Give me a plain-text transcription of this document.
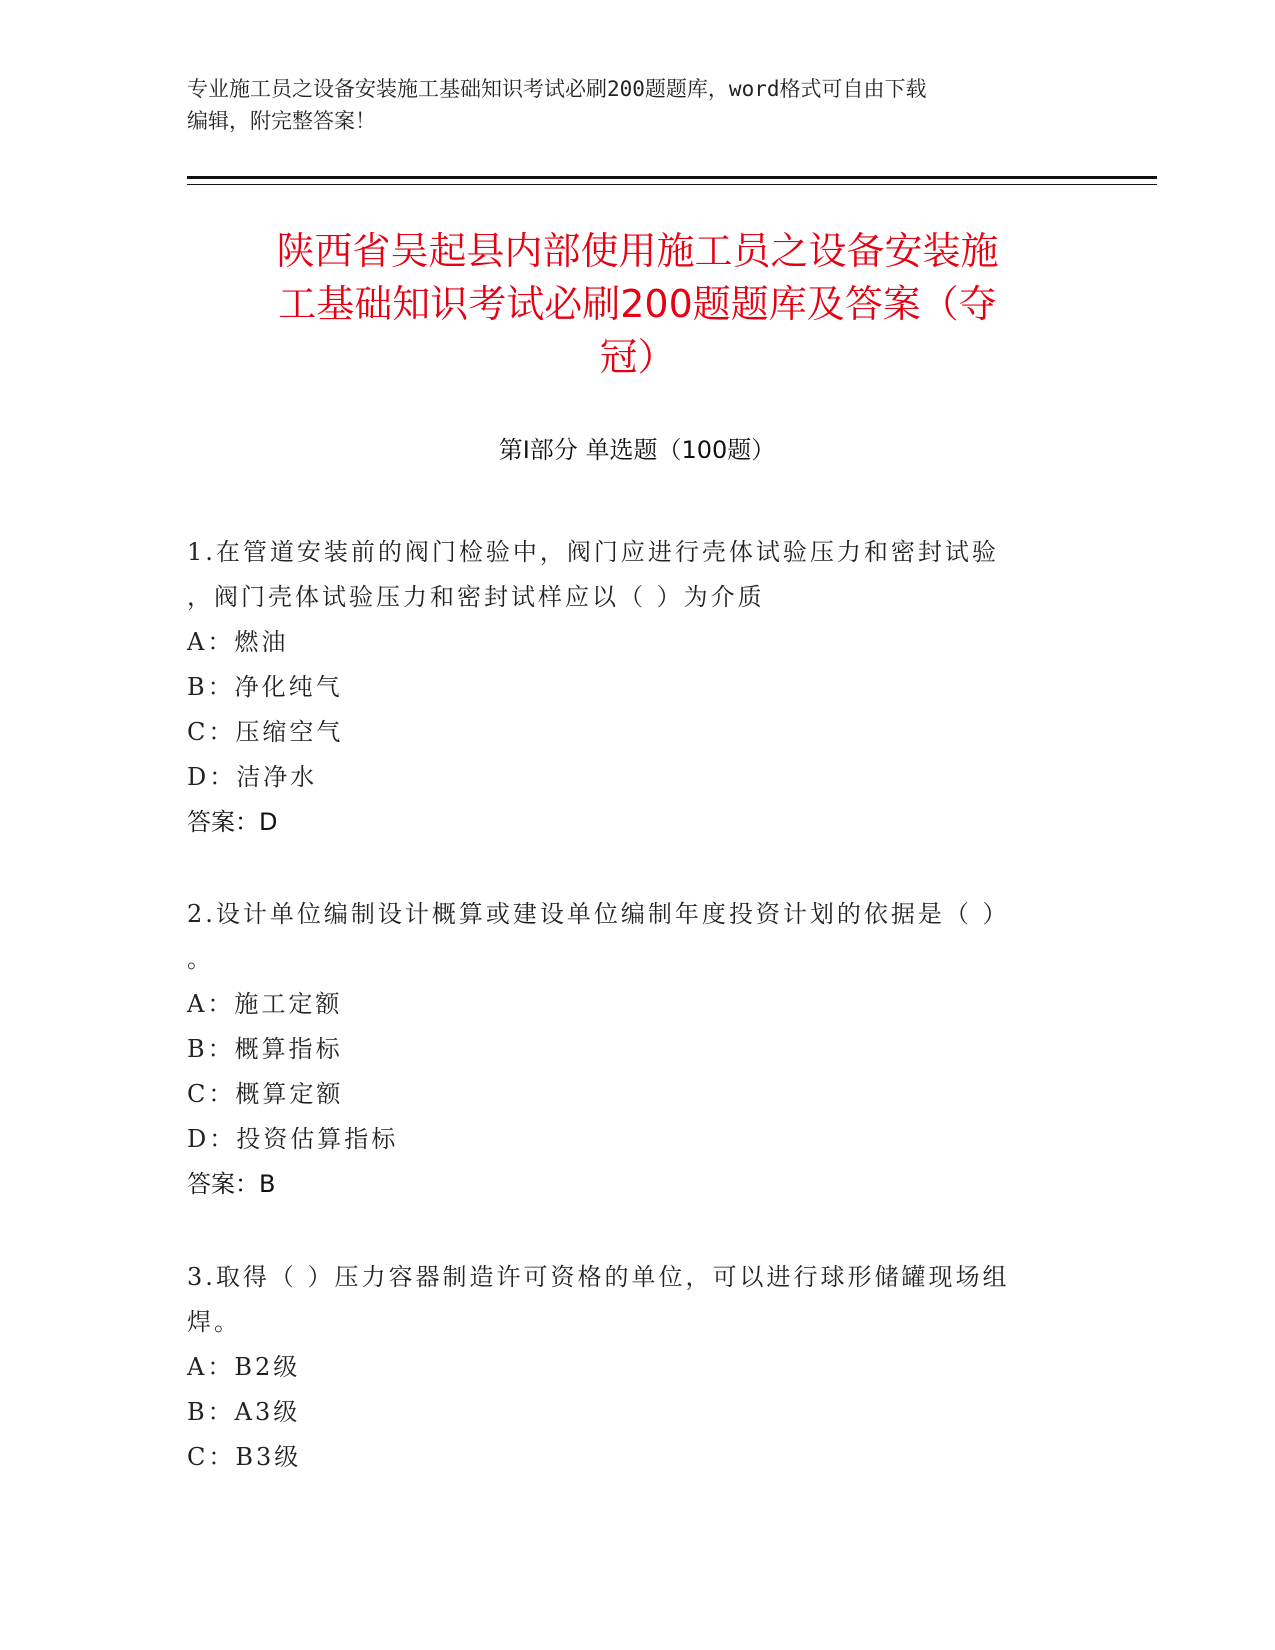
专业施工员之设备安装施工基础知识考试必刷200题题库，word格式可自由下载
编辑，附完整答案！
陕西省吴起县内部使用施工员之设备安装施
工基础知识考试必刷200题题库及答案（夺
冠）
第Ⅰ部分 单选题（100题）
1.在管道安装前的阀门检验中，阀门应进行壳体试验压力和密封试验
，阀门壳体试验压力和密封试样应以（ ）为介质
A：燃油
B：净化纯气
C：压缩空气
D：洁净水
答案：D
2.设计单位编制设计概算或建设单位编制年度投资计划的依据是（ ）
。
A：施工定额
B：概算指标
C：概算定额
D：投资估算指标
答案：B
3.取得（ ）压力容器制造许可资格的单位，可以进行球形储罐现场组
焊。
A：B2级
B：A3级
C：B3级
